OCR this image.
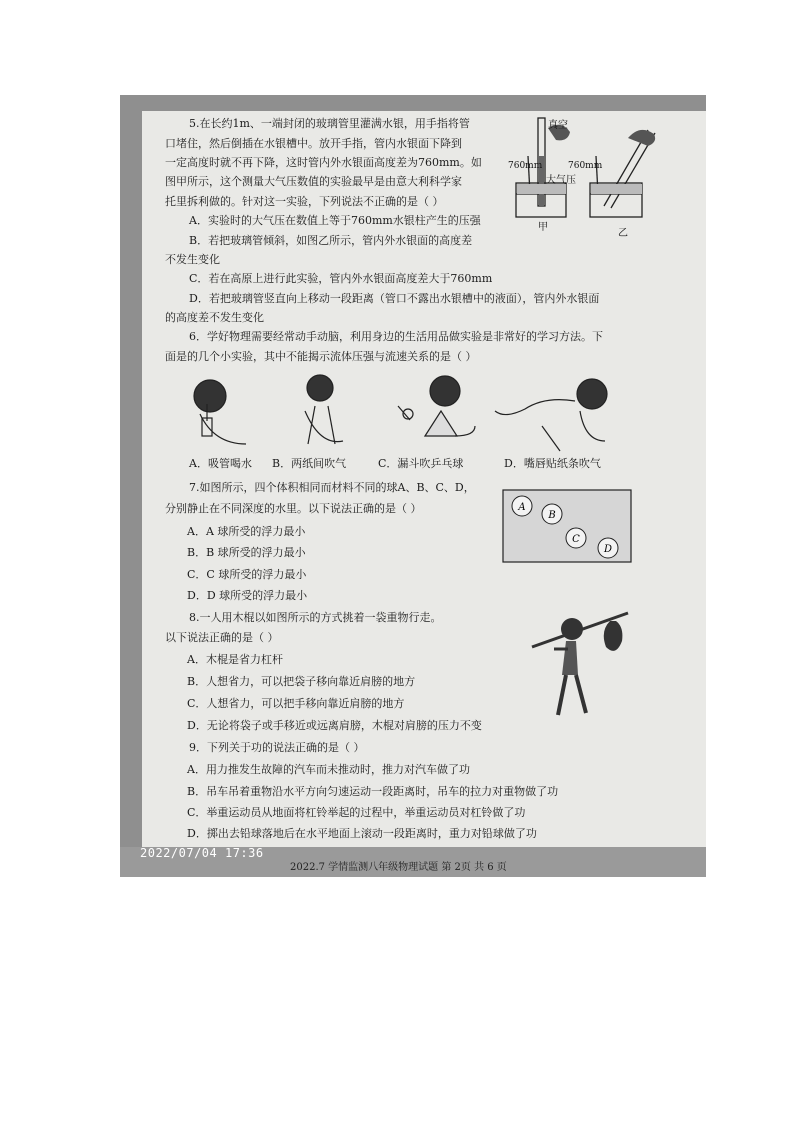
5.在长约1m、一端封闭的玻璃管里灌满水银，用手指将管
口堵住，然后倒插在水银槽中。放开手指，管内水银面下降到
一定高度时就不再下降，这时管内外水银面高度差为760mm。如
图甲所示，这个测量大气压数值的实验最早是由意大利科学家
托里拆利做的。针对这一实验，下列说法不正确的是（ ）
A．实验时的大气压在数值上等于760mm水银柱产生的压强
B．若把玻璃管倾斜，如图乙所示，管内外水银面的高度差
不发生变化
C．若在高原上进行此实验，管内外水银面高度差大于760mm
D．若把玻璃管竖直向上移动一段距离（管口不露出水银槽中的液面），管内外水银面
的高度差不发生变化
真空
760mm	760mm
大气压
甲
乙
6．学好物理需要经常动手动脑，利用身边的生活用品做实验是非常好的学习方法。下
面是的几个小实验，其中不能揭示流体压强与流速关系的是（ ）
A．吸管喝水 B．两纸间吹气	C．漏斗吹乒乓球	D．嘴唇贴纸条吹气
7.如图所示，四个体积相同而材料不同的球A、B、C、D，
分别静止在不同深度的水里。以下说法正确的是（ ）
A．A 球所受的浮力最小
B．B 球所受的浮力最小
C．C 球所受的浮力最小
D．D 球所受的浮力最小
A
B
C
D
8.一人用木棍以如图所示的方式挑着一袋重物行走。
以下说法正确的是（ ）
A．木棍是省力杠杆
B．人想省力，可以把袋子移向靠近肩膀的地方
C．人想省力，可以把手移向靠近肩膀的地方
D．无论将袋子或手移近或远离肩膀，木棍对肩膀的压力不变
9．下列关于功的说法正确的是（ ）
A．用力推发生故障的汽车而未推动时，推力对汽车做了功
B．吊车吊着重物沿水平方向匀速运动一段距离时，吊车的拉力对重物做了功
C．举重运动员从地面将杠铃举起的过程中，举重运动员对杠铃做了功
D．掷出去铅球落地后在水平地面上滚动一段距离时，重力对铅球做了功
2022/07/04 17:36
2022.7 学情监测八年级物理试题 第 2页 共 6 页
